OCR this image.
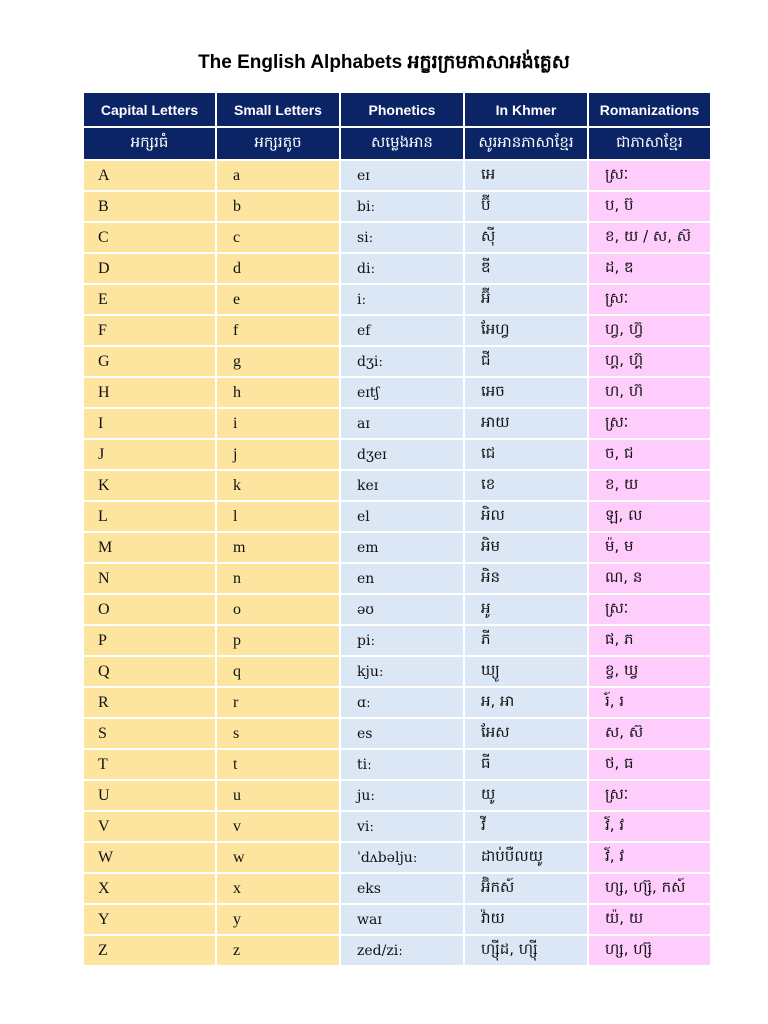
The English Alphabets អក្ខរក្រមភាសាអង់គ្លេស
Capital Letters	Small Letters	Phonetics	In Khmer	Romanizations
អក្សរធំ	អក្សរតូច	សម្លេងអាន	សូរអានភាសាខ្មែរ	ជាភាសាខ្មែរ
A	a	eɪ	អេ	ស្រៈ
B	b	biː	ប៊ី	ប, ប៊
C	c	siː	ស៊ី	ខ, យ / ស, ស៊
D	d	diː	ឌី	ដ, ឌ
E	e	iː	អ៊ី	ស្រៈ
F	f	ef	អែហ្វ	ហ្វ, ហ្វ៊
G	g	dʒiː	ជី	ហ្គ, ហ្គ៊
H	h	eɪtʃ	អេច	ហ, ហ៊
I	i	aɪ	អាយ	ស្រៈ
J	j	dʒeɪ	ជេ	ច, ជ
K	k	keɪ	ខេ	ខ, យ
L	l	el	អិល	ឡ, ល
M	m	em	អិម	ម៉, ម
N	n	en	អិន	ណ, ន
O	o	əʊ	អូ	ស្រៈ
P	p	piː	ភី	ផ, ភ
Q	q	kjuː	ឃ្យូ	ខ្វ, ឃ្វ
R	r	ɑː	អ, អា	រ៍, រ
S	s	es	អែស	ស, ស៊
T	t	tiː	ធី	ថ, ធ
U	u	juː	យូ	ស្រៈ
V	v	viː	វី	វ៍, វ
W	w	ˈdʌbəljuː	ដាប់បឺលយូ	វ៍, វ
X	x	eks	អ៊ិកស៍	ហ្ស, ហ្ស៊, កស៍
Y	y	waɪ	វ៉ាយ	យ៉, យ
Z	z	zed/ziː	ហ្ស៊ីដ, ហ្ស៊ី	ហ្ស, ហ្ស៊
